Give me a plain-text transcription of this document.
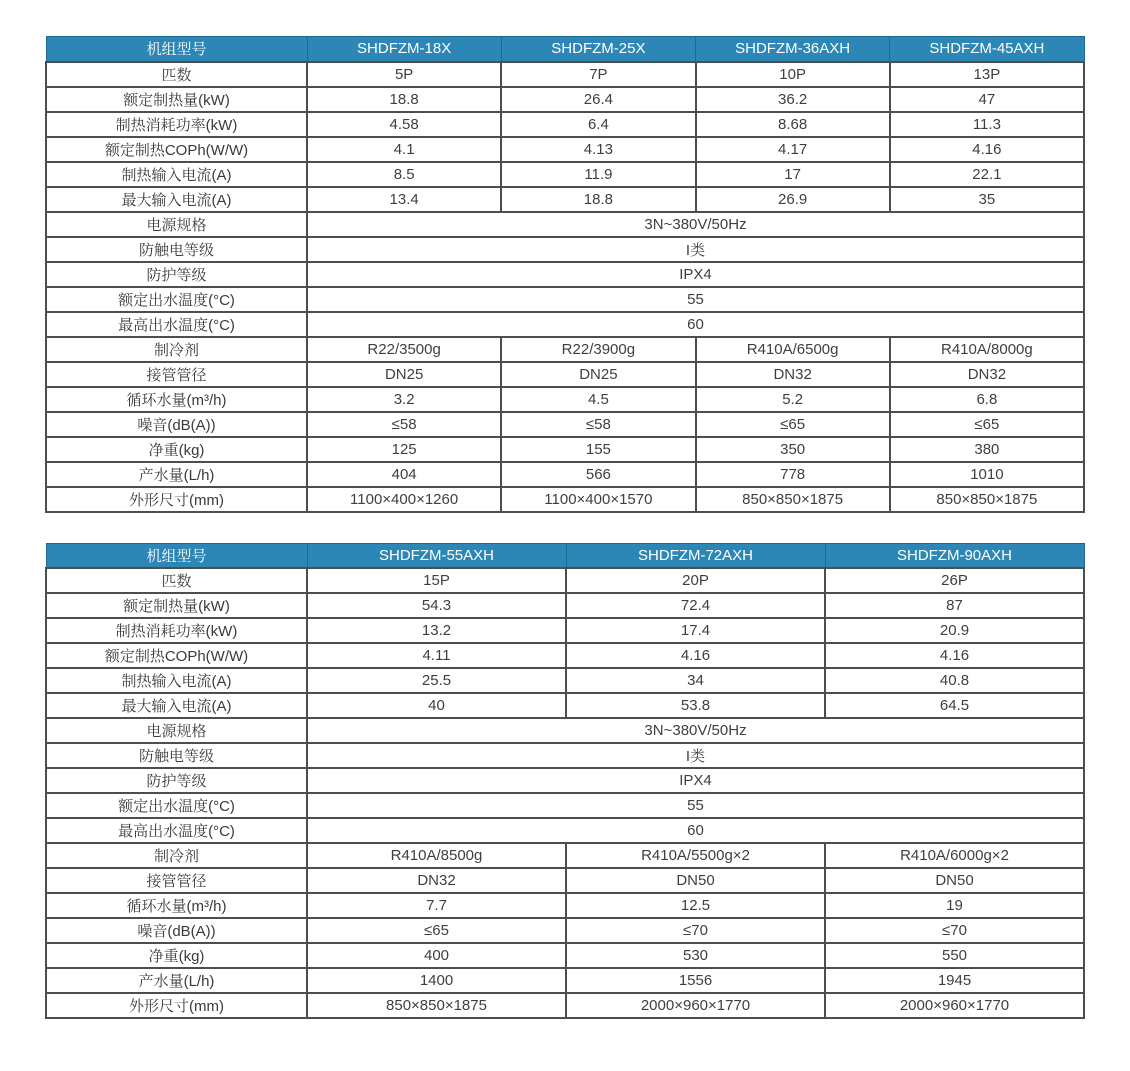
机组型号	SHDFZM-18X	SHDFZM-25X	SHDFZM-36AXH	SHDFZM-45AXH
匹数	5P	7P	10P	13P
额定制热量(kW)	18.8	26.4	36.2	47
制热消耗功率(kW)	4.58	6.4	8.68	11.3
额定制热COPh(W/W)	4.1	4.13	4.17	4.16
制热输入电流(A)	8.5	11.9	17	22.1
最大输入电流(A)	13.4	18.8	26.9	35
电源规格	3N~380V/50Hz			
防触电等级	I类			
防护等级	IPX4			
额定出水温度(°C)	55			
最高出水温度(°C)	60			
制冷剂	R22/3500g	R22/3900g	R410A/6500g	R410A/8000g
接管管径	DN25	DN25	DN32	DN32
循环水量(m³/h)	3.2	4.5	5.2	6.8
噪音(dB(A))	≤58	≤58	≤65	≤65
净重(kg)	125	155	350	380
产水量(L/h)	404	566	778	1010
外形尺寸(mm)	1100×400×1260	1100×400×1570	850×850×1875	850×850×1875
机组型号	SHDFZM-55AXH	SHDFZM-72AXH	SHDFZM-90AXH
匹数	15P	20P	26P
额定制热量(kW)	54.3	72.4	87
制热消耗功率(kW)	13.2	17.4	20.9
额定制热COPh(W/W)	4.11	4.16	4.16
制热输入电流(A)	25.5	34	40.8
最大输入电流(A)	40	53.8	64.5
电源规格	3N~380V/50Hz		
防触电等级	I类		
防护等级	IPX4		
额定出水温度(°C)	55		
最高出水温度(°C)	60		
制冷剂	R410A/8500g	R410A/5500g×2	R410A/6000g×2
接管管径	DN32	DN50	DN50
循环水量(m³/h)	7.7	12.5	19
噪音(dB(A))	≤65	≤70	≤70
净重(kg)	400	530	550
产水量(L/h)	1400	1556	1945
外形尺寸(mm)	850×850×1875	2000×960×1770	2000×960×1770
